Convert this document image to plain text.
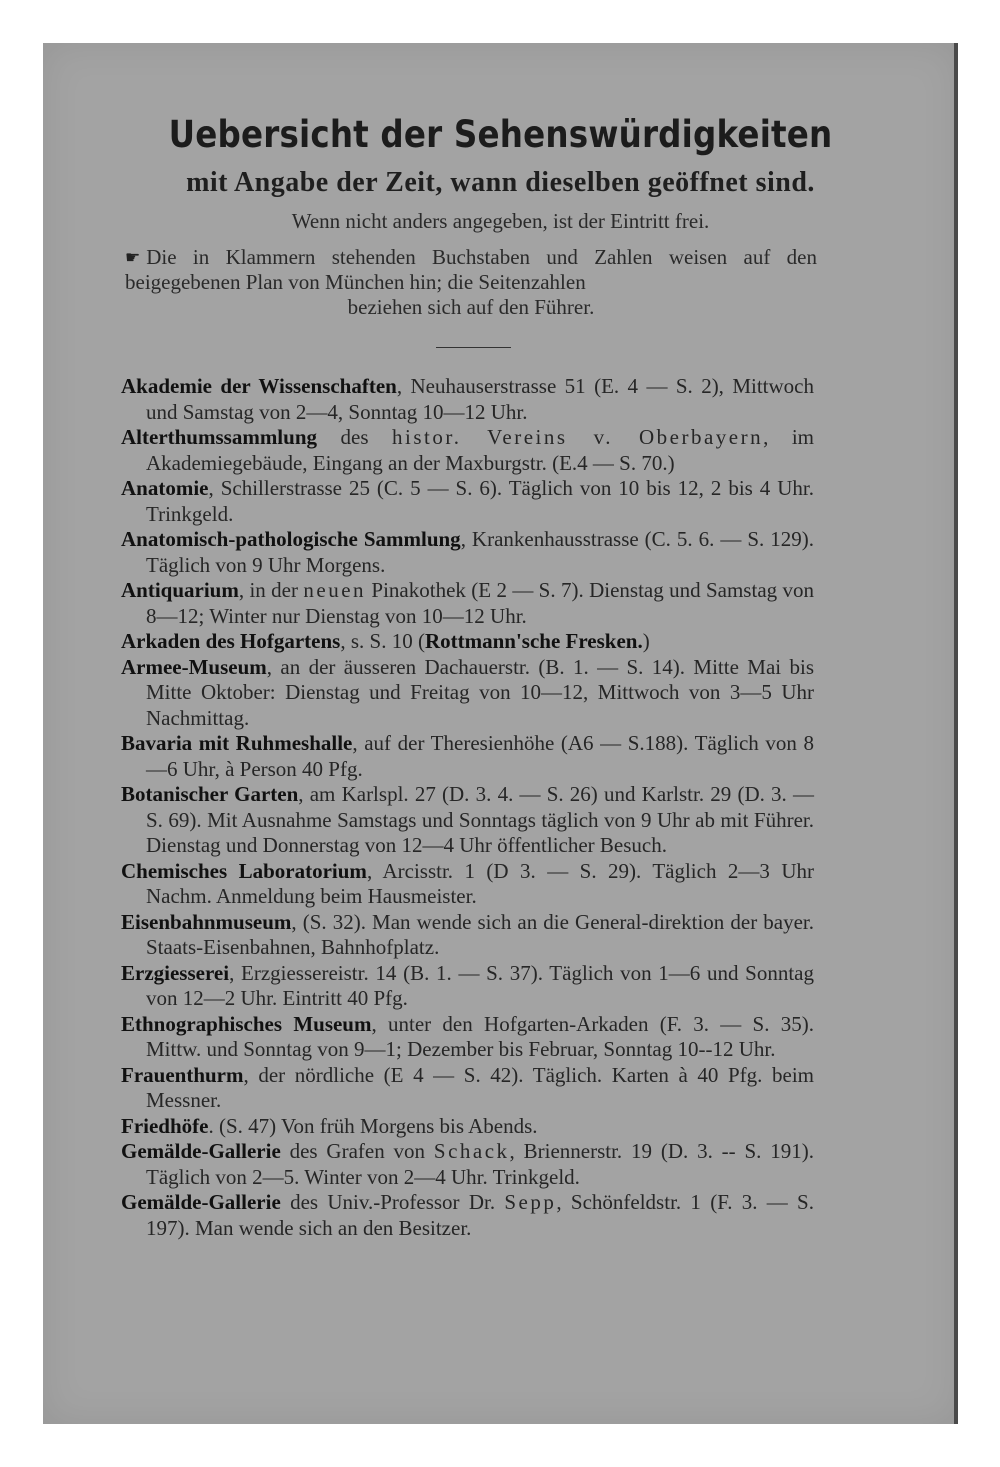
Uebersicht der Sehenswürdigkeiten
mit Angabe der Zeit, wann dieselben geöffnet sind.
Wenn nicht anders angegeben, ist der Eintritt frei.
☛ Die in Klammern stehenden Buchstaben und Zahlen weisen auf den beigegebenen Plan von München hin; die Seitenzahlen
beziehen sich auf den Führer.
Akademie der Wissenschaften, Neuhauserstrasse 51 (E. 4 — S. 2), Mittwoch und Samstag von 2—4, Sonntag 10—12 Uhr.
Alterthumssammlung des histor. Vereins v. Oberbayern, im Akademiegebäude, Eingang an der Maxburgstr. (E.4 — S. 70.)
Anatomie, Schillerstrasse 25 (C. 5 — S. 6). Täglich von 10 bis 12, 2 bis 4 Uhr. Trinkgeld.
Anatomisch-pathologische Sammlung, Krankenhausstrasse (C. 5. 6. — S. 129). Täglich von 9 Uhr Morgens.
Antiquarium, in der neuen Pinakothek (E 2 — S. 7). Dienstag und Samstag von 8—12; Winter nur Dienstag von 10—12 Uhr.
Arkaden des Hofgartens, s. S. 10 (Rottmann'sche Fresken.)
Armee-Museum, an der äusseren Dachauerstr. (B. 1. — S. 14). Mitte Mai bis Mitte Oktober: Dienstag und Freitag von 10—12, Mittwoch von 3—5 Uhr Nachmittag.
Bavaria mit Ruhmeshalle, auf der Theresienhöhe (A6 — S.188). Täglich von 8—6 Uhr, à Person 40 Pfg.
Botanischer Garten, am Karlspl. 27 (D. 3. 4. — S. 26) und Karlstr. 29 (D. 3. — S. 69). Mit Ausnahme Samstags und Sonntags täglich von 9 Uhr ab mit Führer. Dienstag und Donnerstag von 12—4 Uhr öffentlicher Besuch.
Chemisches Laboratorium, Arcisstr. 1 (D 3. — S. 29). Täglich 2—3 Uhr Nachm. Anmeldung beim Hausmeister.
Eisenbahnmuseum, (S. 32). Man wende sich an die General-direktion der bayer. Staats-Eisenbahnen, Bahnhofplatz.
Erzgiesserei, Erzgiessereistr. 14 (B. 1. — S. 37). Täglich von 1—6 und Sonntag von 12—2 Uhr. Eintritt 40 Pfg.
Ethnographisches Museum, unter den Hofgarten-Arkaden (F. 3. — S. 35). Mittw. und Sonntag von 9—1; Dezember bis Februar, Sonntag 10--12 Uhr.
Frauenthurm, der nördliche (E 4 — S. 42). Täglich. Karten à 40 Pfg. beim Messner.
Friedhöfe. (S. 47) Von früh Morgens bis Abends.
Gemälde-Gallerie des Grafen von Schack, Briennerstr. 19 (D. 3. -- S. 191). Täglich von 2—5. Winter von 2—4 Uhr. Trinkgeld.
Gemälde-Gallerie des Univ.-Professor Dr. Sepp, Schönfeldstr. 1 (F. 3. — S. 197). Man wende sich an den Besitzer.
